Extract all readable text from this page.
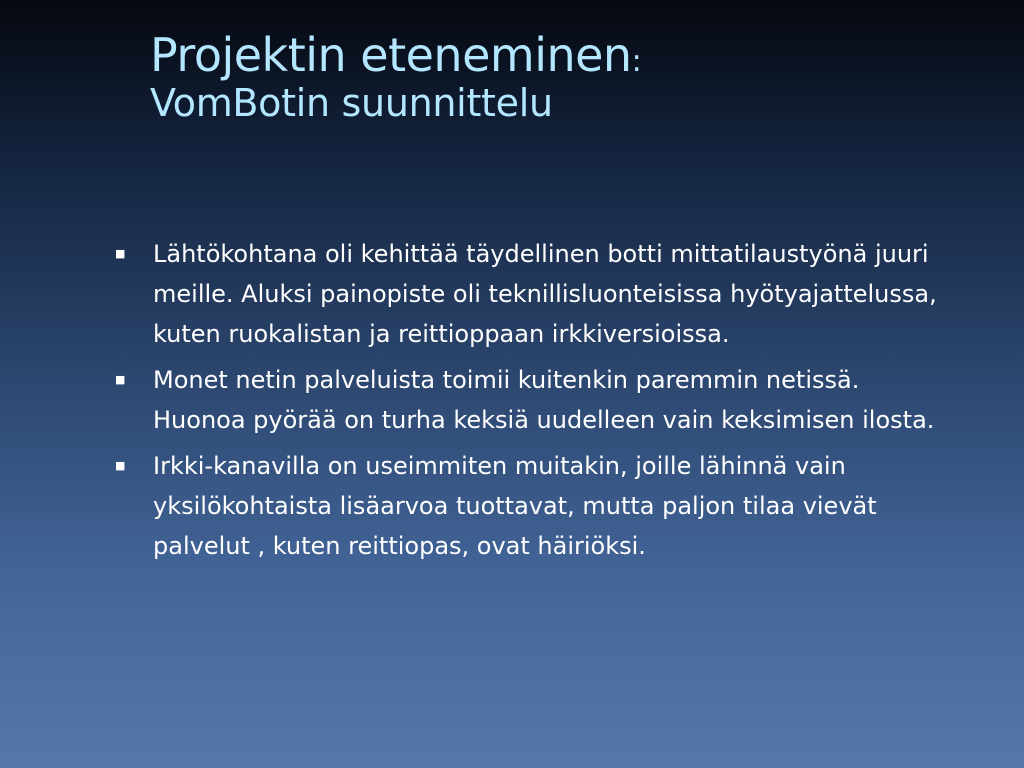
Projektin eteneminen:
VomBotin suunnittelu
■	Lähtökohtana oli kehittää täydellinen botti mittatilaustyönä juuri meille. Aluksi painopiste oli teknillisluonteisissa hyötyajattelussa, kuten ruokalistan ja reittioppaan irkkiversioissa.
■	Monet netin palveluista toimii kuitenkin paremmin netissä. Huonoa pyörää on turha keksiä uudelleen vain keksimisen ilosta.
■	Irkki-kanavilla on useimmiten muitakin, joille lähinnä vain yksilökohtaista lisäarvoa tuottavat, mutta paljon tilaa vievät palvelut , kuten reittiopas, ovat häiriöksi.
